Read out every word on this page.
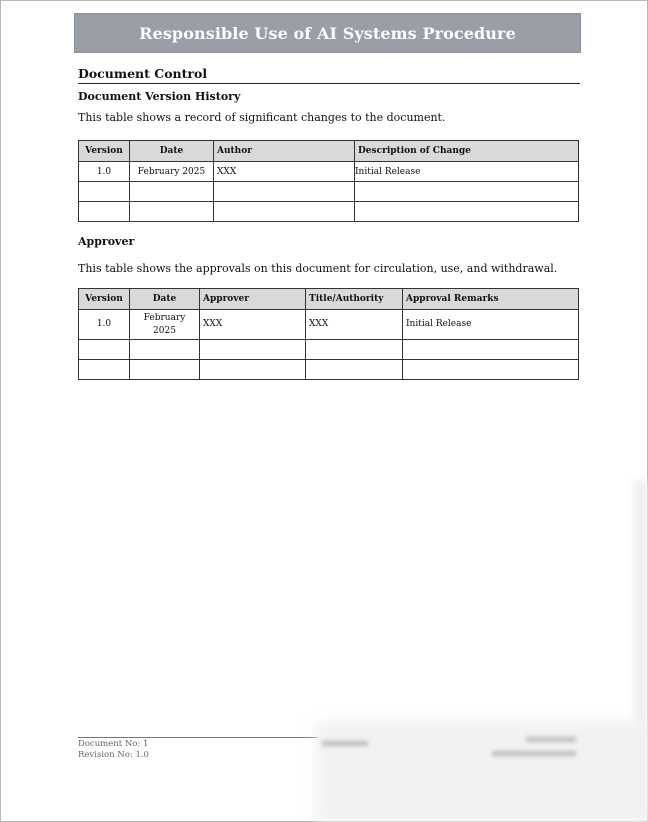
Responsible Use of AI Systems Procedure
Document Control
Document Version History
This table shows a record of significant changes to the document.
Version	Date	Author	Description of Change
1.0	February 2025	XXX	Initial Release

Approver
This table shows the approvals on this document for circulation, use, and withdrawal.
Version	Date	Approver	Title/Authority	Approval Remarks
1.0	February 2025	XXX	XXX	Initial Release

Document No: 1
Revision No: 1.0
